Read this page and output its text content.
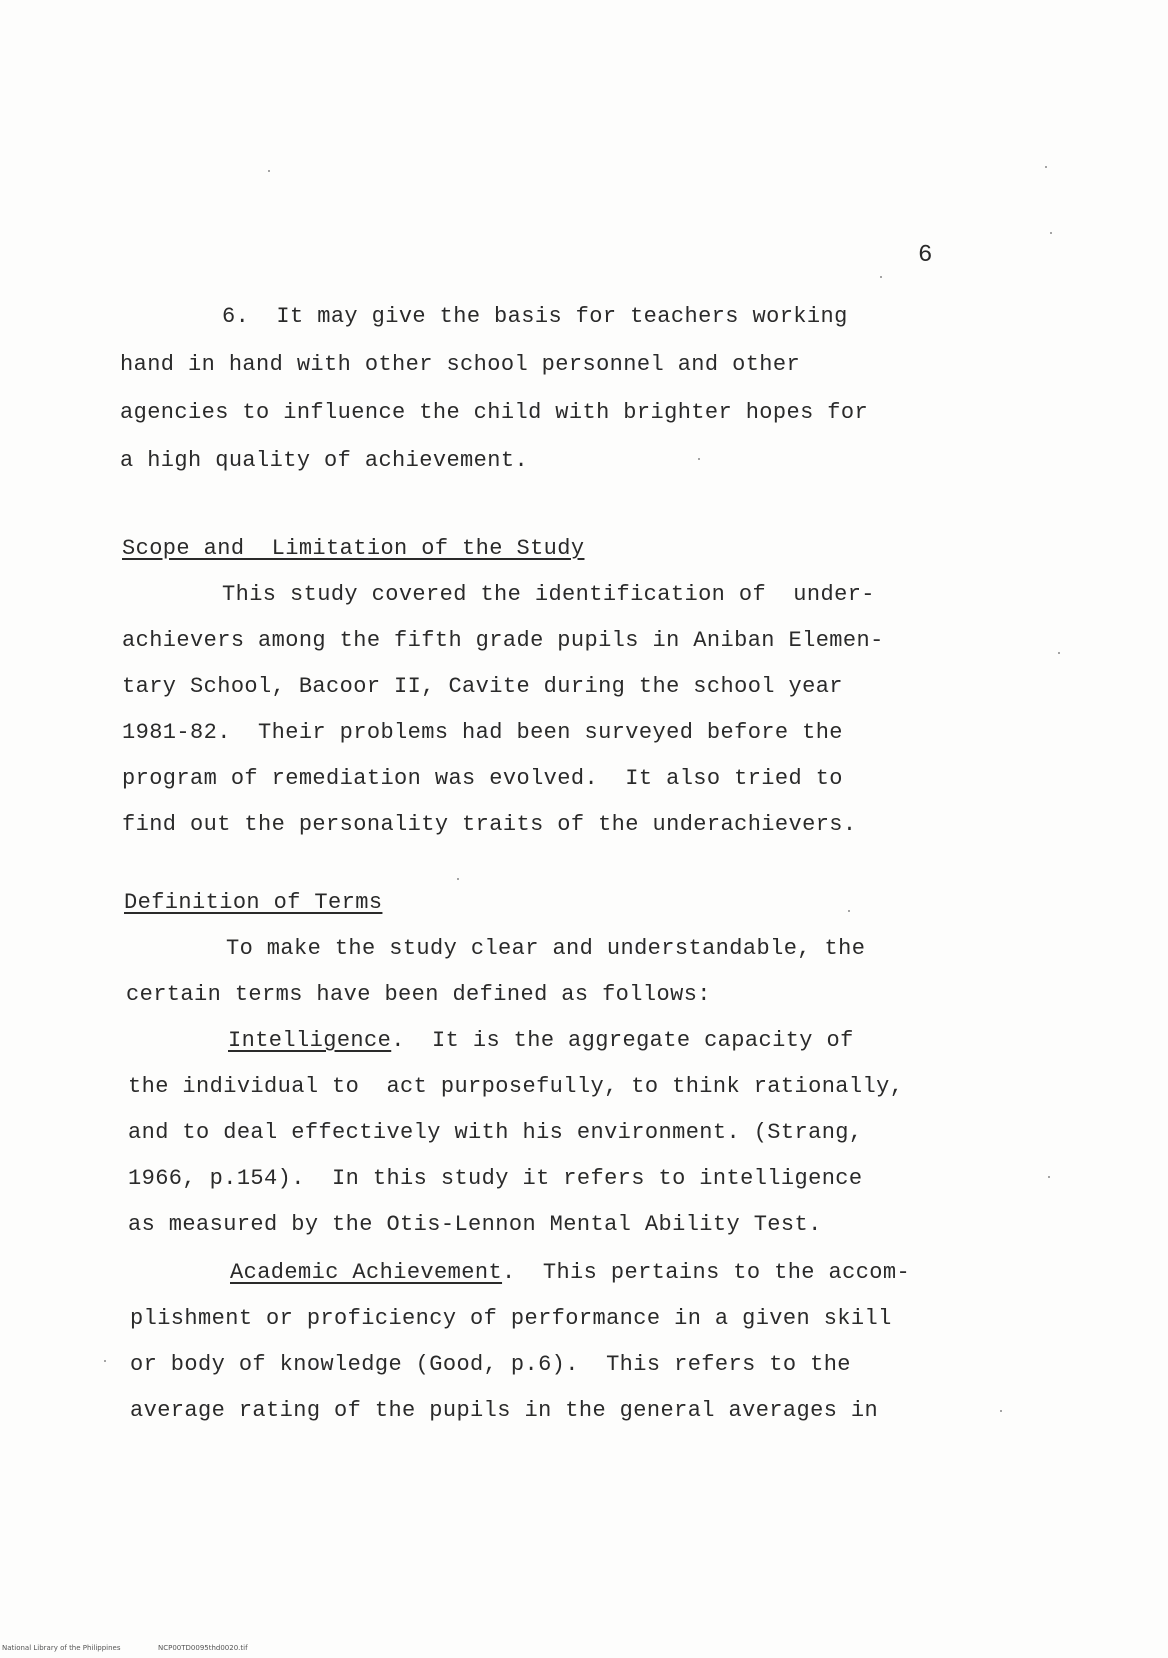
6
6.  It may give the basis for teachers working
hand in hand with other school personnel and other
agencies to influence the child with brighter hopes for
a high quality of achievement.
Scope and  Limitation of the Study
This study covered the identification of  under-
achievers among the fifth grade pupils in Aniban Elemen-
tary School, Bacoor II, Cavite during the school year
1981-82.  Their problems had been surveyed before the
program of remediation was evolved.  It also tried to
find out the personality traits of the underachievers.
Definition of Terms
To make the study clear and understandable, the
certain terms have been defined as follows:
Intelligence.  It is the aggregate capacity of
the individual to  act purposefully, to think rationally,
and to deal effectively with his environment. (Strang,
1966, p.154).  In this study it refers to intelligence
as measured by the Otis-Lennon Mental Ability Test.
Academic Achievement.  This pertains to the accom-
plishment or proficiency of performance in a given skill
or body of knowledge (Good, p.6).  This refers to the
average rating of the pupils in the general averages in
National Library of the Philippines	NCP00TD0095thd0020.tif
